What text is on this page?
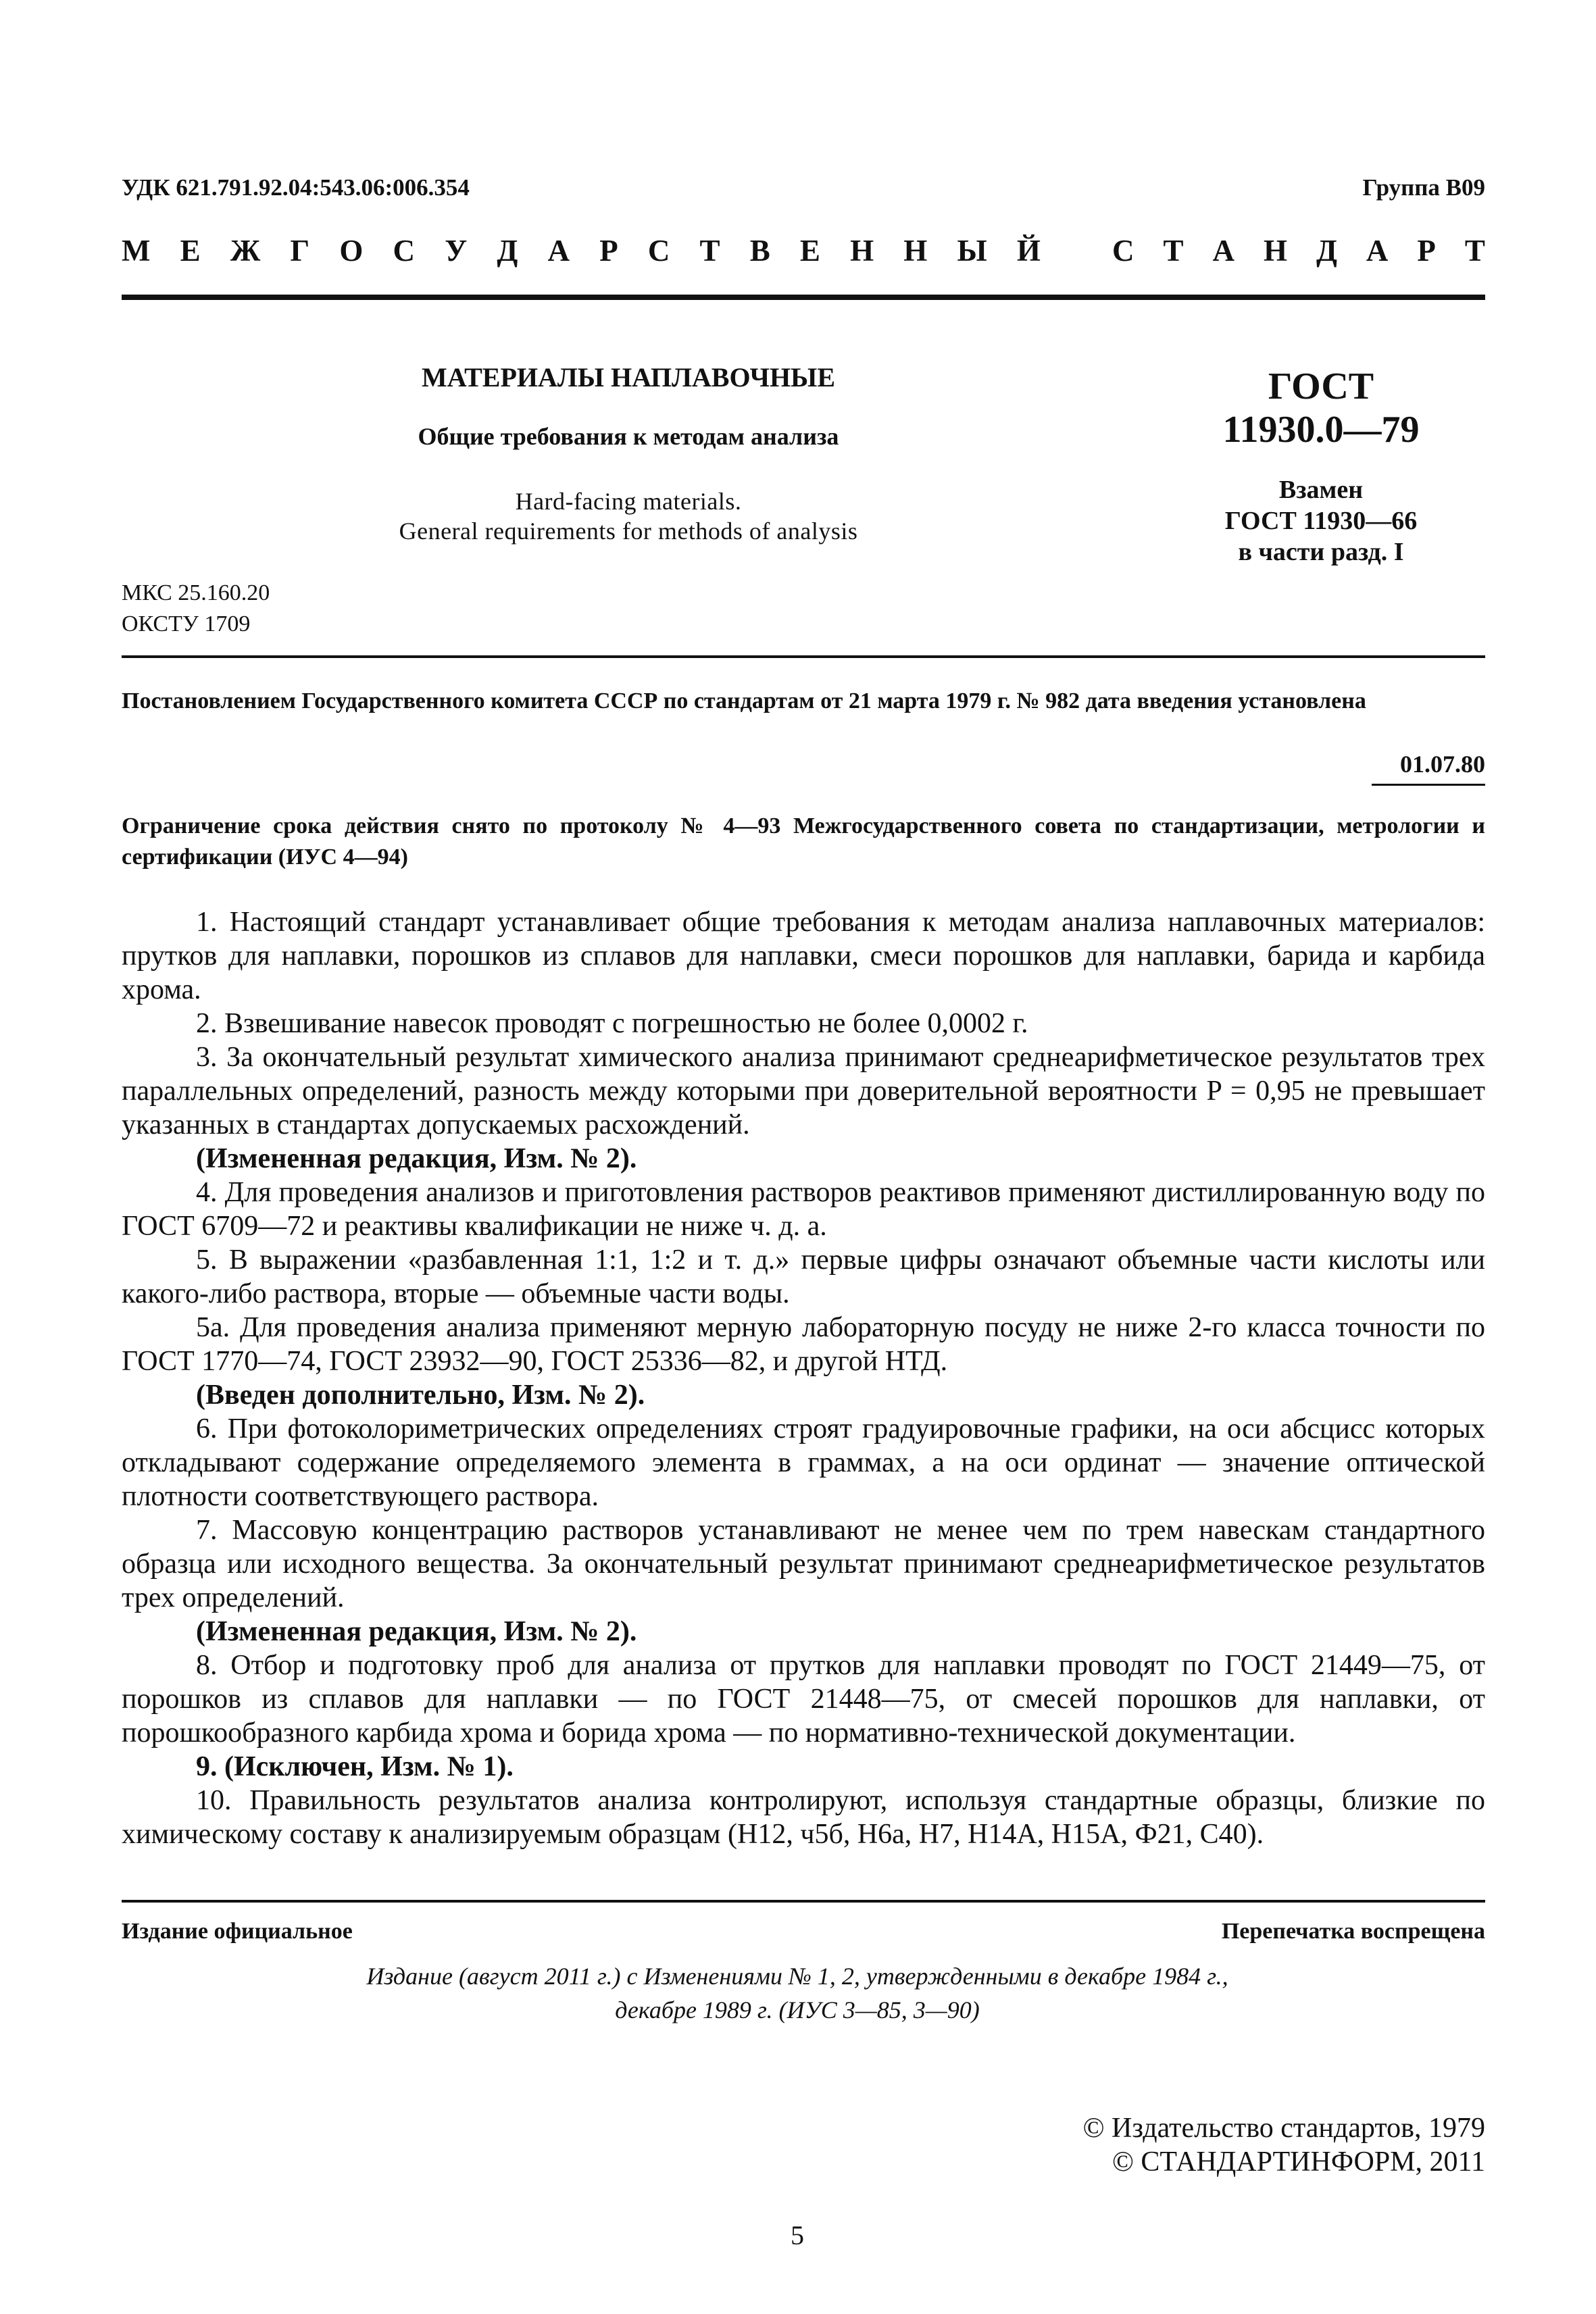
УДК 621.791.92.04:543.06:006.354	Группа В09
М Е Ж Г О С У Д А Р С Т В Е Н Н Ы Й С Т А Н Д А Р Т
МАТЕРИАЛЫ НАПЛАВОЧНЫЕ
Общие требования к методам анализа
Hard-facing materials.
General requirements for methods of analysis
ГОСТ
11930.0—79
Взамен
ГОСТ 11930—66
в части разд. I
МКС 25.160.20
ОКСТУ 1709
Постановлением Государственного комитета СССР по стандартам от 21 марта 1979 г. № 982 дата введения установлена
01.07.80
Ограничение срока действия снято по протоколу № 4—93 Межгосударственного совета по стандартизации, метрологии и сертификации (ИУС 4—94)

1. Настоящий стандарт устанавливает общие требования к методам анализа наплавочных материалов: прутков для наплавки, порошков из сплавов для наплавки, смеси порошков для наплавки, барида и карбида хрома.

2. Взвешивание навесок проводят с погрешностью не более 0,0002 г.

3. За окончательный результат химического анализа принимают среднеарифметическое результатов трех параллельных определений, разность между которыми при доверительной вероятности P = 0,95 не превышает указанных в стандартах допускаемых расхождений.

(Измененная редакция, Изм. № 2).

4. Для проведения анализов и приготовления растворов реактивов применяют дистиллированную воду по ГОСТ 6709—72 и реактивы квалификации не ниже ч. д. а.

5. В выражении «разбавленная 1:1, 1:2 и т. д.» первые цифры означают объемные части кислоты или какого-либо раствора, вторые — объемные части воды.

5а. Для проведения анализа применяют мерную лабораторную посуду не ниже 2-го класса точности по ГОСТ 1770—74, ГОСТ 23932—90, ГОСТ 25336—82, и другой НТД.

(Введен дополнительно, Изм. № 2).

6. При фотоколориметрических определениях строят градуировочные графики, на оси абсцисс которых откладывают содержание определяемого элемента в граммах, а на оси ординат — значение оптической плотности соответствующего раствора.

7. Массовую концентрацию растворов устанавливают не менее чем по трем навескам стандартного образца или исходного вещества. За окончательный результат принимают среднеарифметическое результатов трех определений.

(Измененная редакция, Изм. № 2).

8. Отбор и подготовку проб для анализа от прутков для наплавки проводят по ГОСТ 21449—75, от порошков из сплавов для наплавки — по ГОСТ 21448—75, от смесей порошков для наплавки, от порошкообразного карбида хрома и борида хрома — по нормативно-технической документации.

9. (Исключен, Изм. № 1).

10. Правильность результатов анализа контролируют, используя стандартные образцы, близкие по химическому составу к анализируемым образцам (Н12, ч5б, Н6а, Н7, Н14А, Н15А, Ф21, С40).

Издание официальное	Перепечатка воспрещена
Издание (август 2011 г.) с Изменениями № 1, 2, утвержденными в декабре 1984 г.,
декабре 1989 г. (ИУС 3—85, 3—90)
© Издательство стандартов, 1979
© СТАНДАРТИНФОРМ, 2011
5
